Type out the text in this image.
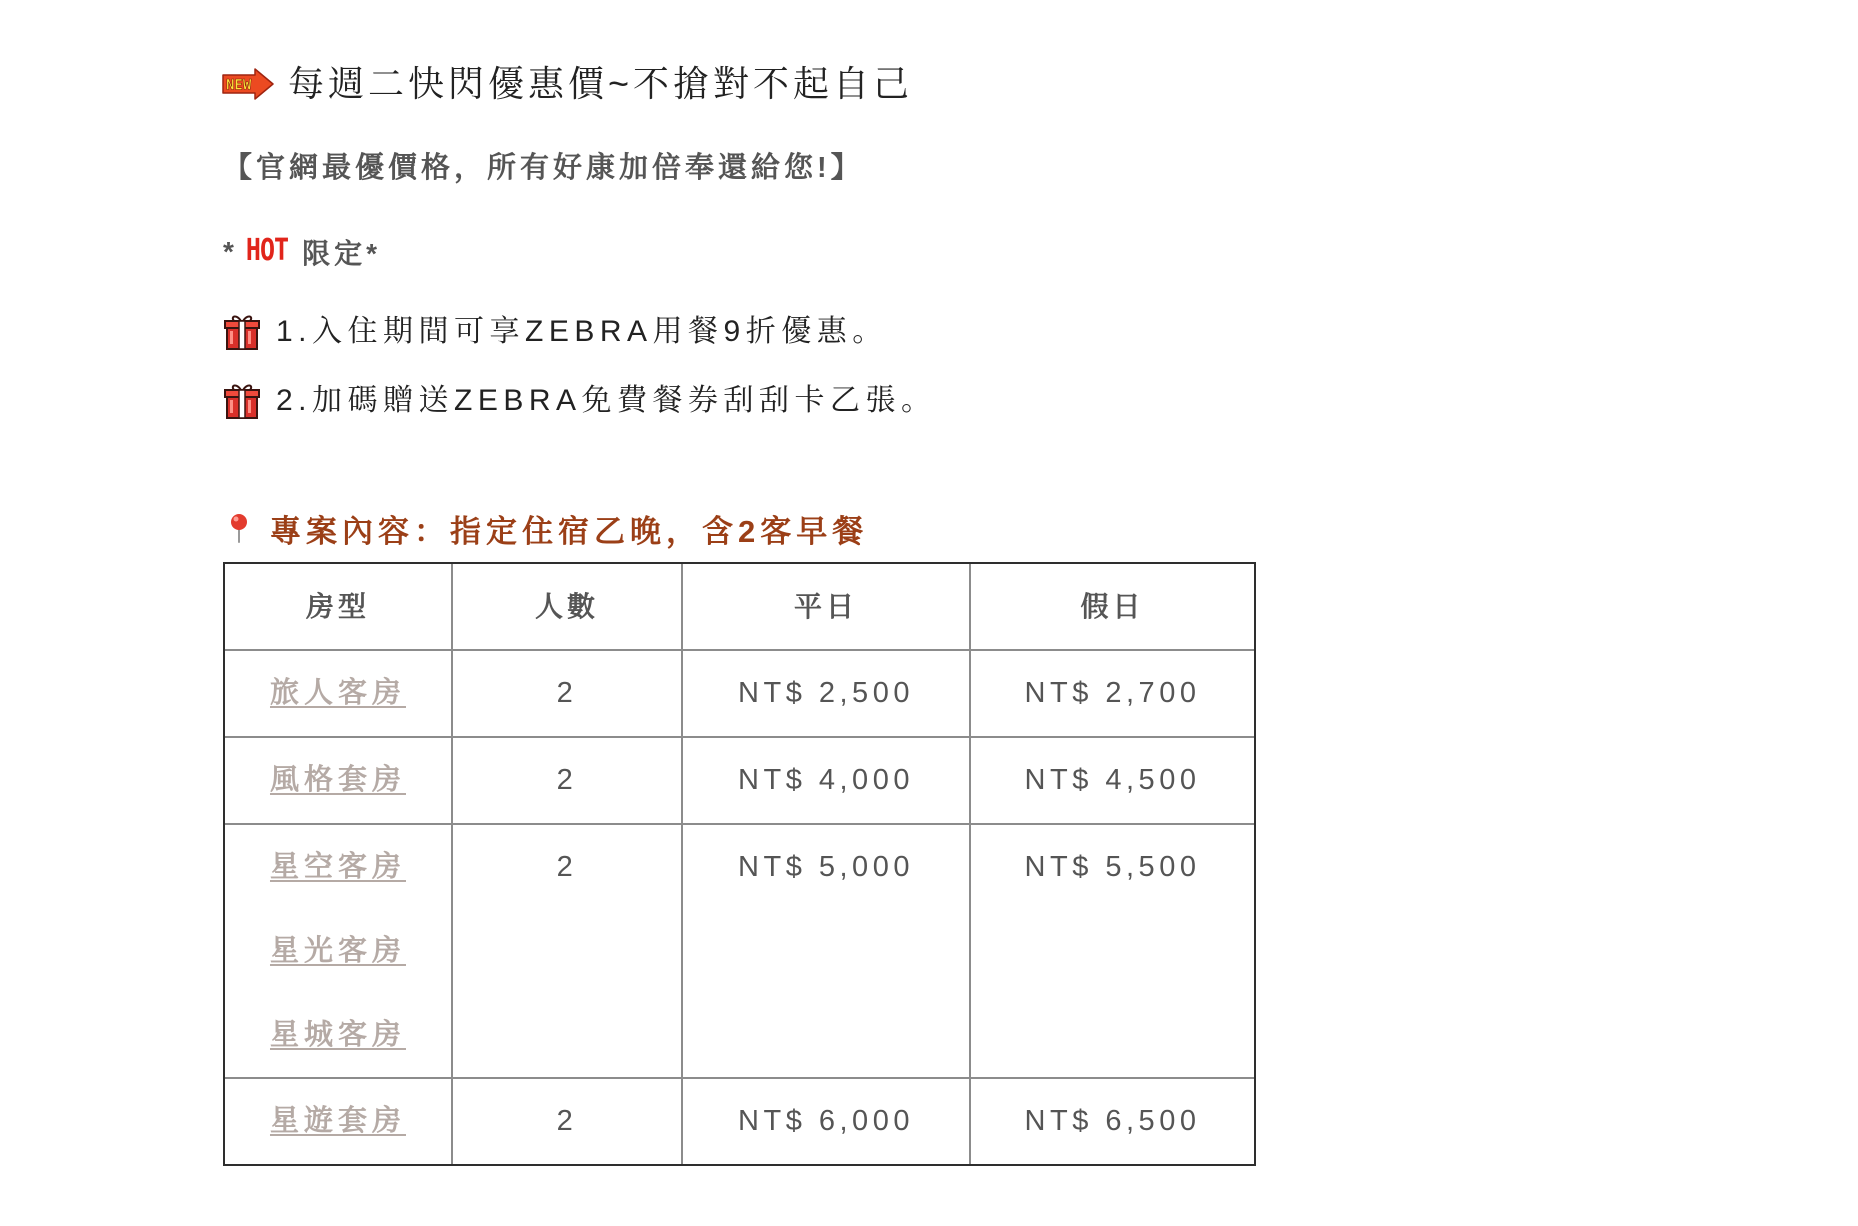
NEW 每週二快閃優惠價~不搶對不起自己

【官網最優價格，所有好康加倍奉還給您!】

* HOT 限定*
1.入住期間可享ZEBRA用餐9折優惠。
2.加碼贈送ZEBRA免費餐券刮刮卡乙張。
專案內容：指定住宿乙晚，含2客早餐
房型	人數	平日	假日

旅人客房	2	NT$ 2,500	NT$ 2,700

風格套房	2	NT$ 4,000	NT$ 4,500

星空客房
星光客房
星城客房	2	NT$ 5,000	NT$ 5,500

星遊套房	2	NT$ 6,000	NT$ 6,500
